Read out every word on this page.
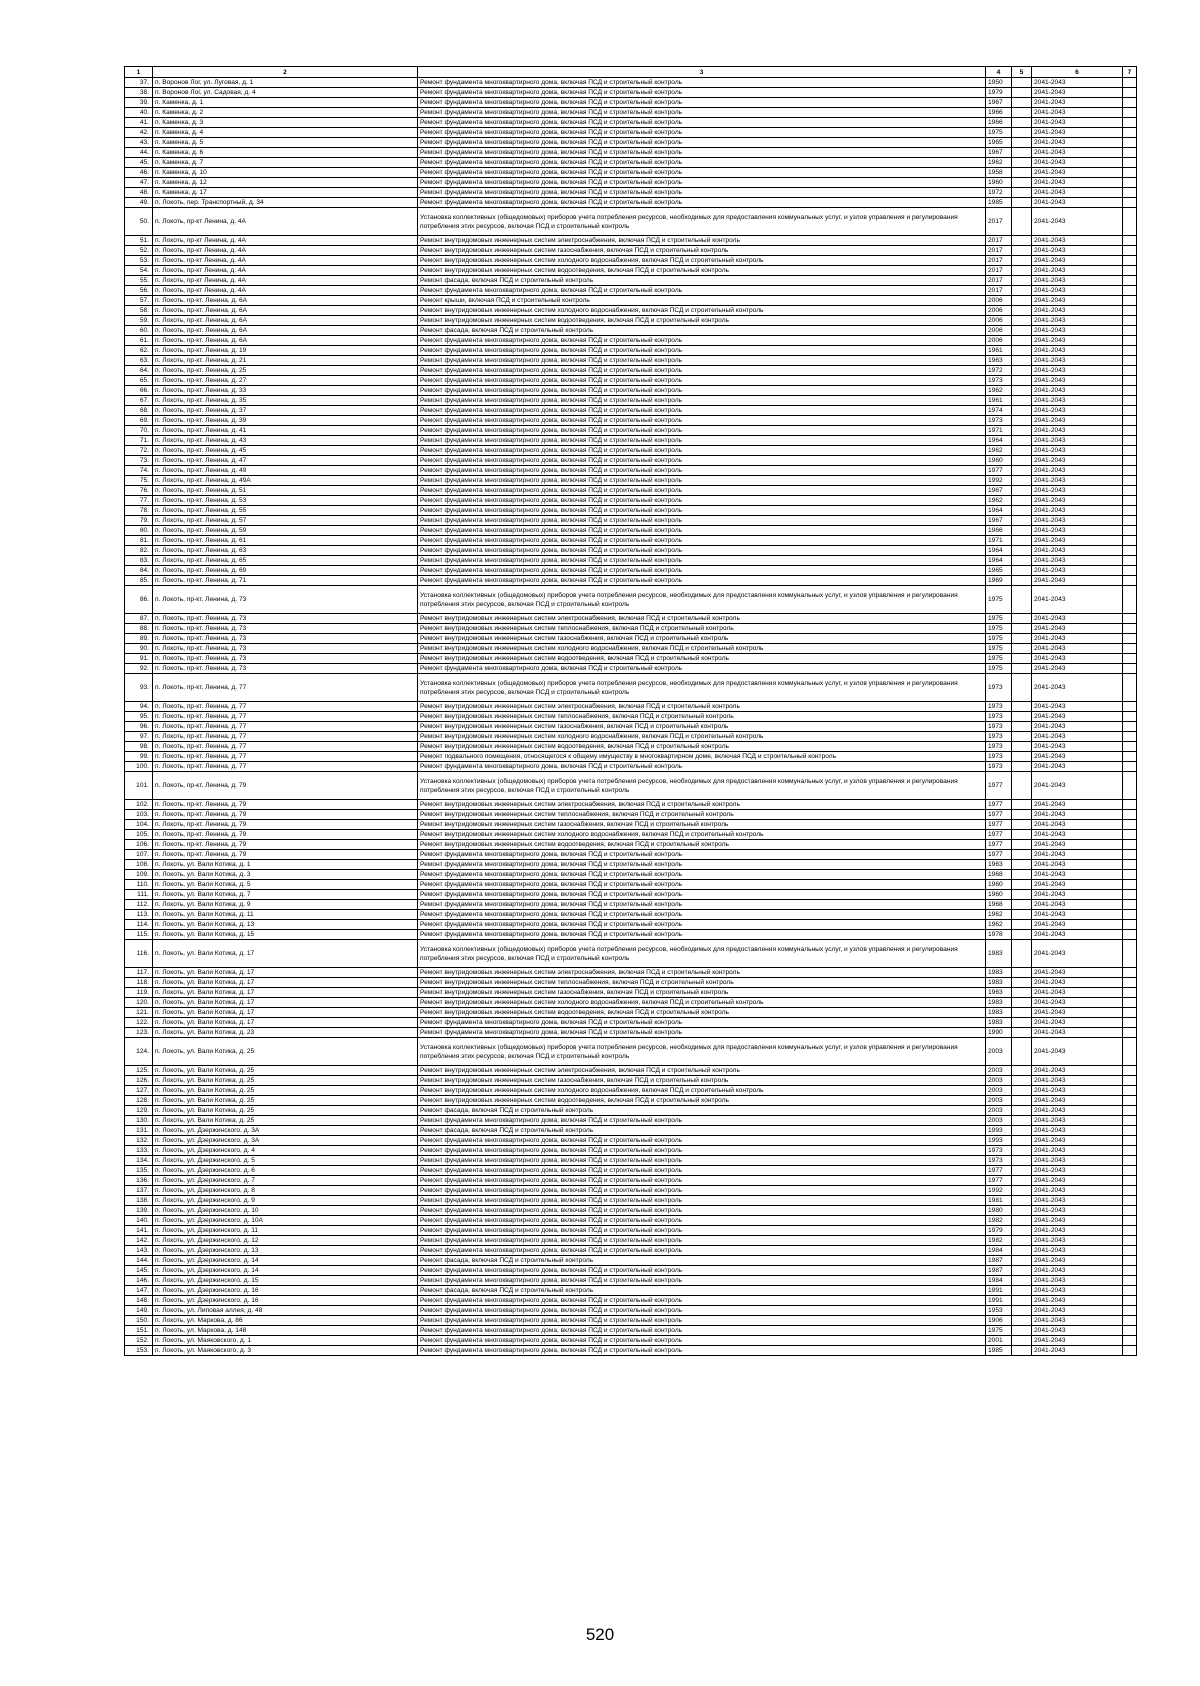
1	2	3	4	5	6	7
37.	п. Воронов Лог, ул. Луговая, д. 1	Ремонт фундамента многоквартирного дома, включая ПСД и строительный контроль	1950		2041-2043	
38.	п. Воронов Лог, ул. Садовая, д. 4	Ремонт фундамента многоквартирного дома, включая ПСД и строительный контроль	1979		2041-2043	
39.	п. Каменка, д. 1	Ремонт фундамента многоквартирного дома, включая ПСД и строительный контроль	1967		2041-2043	
40.	п. Каменка, д. 2	Ремонт фундамента многоквартирного дома, включая ПСД и строительный контроль	1966		2041-2043	
41.	п. Каменка, д. 3	Ремонт фундамента многоквартирного дома, включая ПСД и строительный контроль	1966		2041-2043	
42.	п. Каменка, д. 4	Ремонт фундамента многоквартирного дома, включая ПСД и строительный контроль	1975		2041-2043	
43.	п. Каменка, д. 5	Ремонт фундамента многоквартирного дома, включая ПСД и строительный контроль	1965		2041-2043	
44.	п. Каменка, д. 6	Ремонт фундамента многоквартирного дома, включая ПСД и строительный контроль	1967		2041-2043	
45.	п. Каменка, д. 7	Ремонт фундамента многоквартирного дома, включая ПСД и строительный контроль	1962		2041-2043	
46.	п. Каменка, д. 10	Ремонт фундамента многоквартирного дома, включая ПСД и строительный контроль	1958		2041-2043	
47.	п. Каменка, д. 12	Ремонт фундамента многоквартирного дома, включая ПСД и строительный контроль	1960		2041-2043	
48.	п. Каменка, д. 17	Ремонт фундамента многоквартирного дома, включая ПСД и строительный контроль	1972		2041-2043	
49.	п. Локоть, пер. Транспортный, д. 34	Ремонт фундамента многоквартирного дома, включая ПСД и строительный контроль	1985		2041-2043	
50.	п. Локоть, пр-кт Ленина, д. 4А	Установка коллективных (общедомовых) приборов учета потребления ресурсов, необходимых для предоставления коммунальных услуг, и узлов управления и регулирования потребления этих ресурсов, включая ПСД и строительный контроль	2017		2041-2043	
51.	п. Локоть, пр-кт Ленина, д. 4А	Ремонт внутридомовых инженерных систем электроснабжения, включая ПСД и строительный контроль	2017		2041-2043	
52.	п. Локоть, пр-кт Ленина, д. 4А	Ремонт внутридомовых инженерных систем газоснабжения, включая ПСД и строительный контроль	2017		2041-2043	
53.	п. Локоть, пр-кт Ленина, д. 4А	Ремонт внутридомовых инженерных систем холодного водоснабжения, включая ПСД и строительный контроль	2017		2041-2043	
54.	п. Локоть, пр-кт Ленина, д. 4А	Ремонт внутридомовых инженерных систем водоотведения, включая ПСД и строительный контроль	2017		2041-2043	
55.	п. Локоть, пр-кт Ленина, д. 4А	Ремонт фасада, включая ПСД и строительный контроль	2017		2041-2043	
56.	п. Локоть, пр-кт Ленина, д. 4А	Ремонт фундамента многоквартирного дома, включая ПСД и строительный контроль	2017		2041-2043	
57.	п. Локоть, пр-кт. Ленина, д. 6А	Ремонт крыши, включая ПСД и строительный контроль	2006		2041-2043	
58.	п. Локоть, пр-кт. Ленина, д. 6А	Ремонт внутридомовых инженерных систем холодного водоснабжения, включая ПСД и строительный контроль	2006		2041-2043	
59.	п. Локоть, пр-кт. Ленина, д. 6А	Ремонт внутридомовых инженерных систем водоотведения, включая ПСД и строительный контроль	2006		2041-2043	
60.	п. Локоть, пр-кт. Ленина, д. 6А	Ремонт фасада, включая ПСД и строительный контроль	2006		2041-2043	
61.	п. Локоть, пр-кт. Ленина, д. 6А	Ремонт фундамента многоквартирного дома, включая ПСД и строительный контроль	2006		2041-2043	
62.	п. Локоть, пр-кт. Ленина, д. 19	Ремонт фундамента многоквартирного дома, включая ПСД и строительный контроль	1961		2041-2043	
63.	п. Локоть, пр-кт. Ленина, д. 21	Ремонт фундамента многоквартирного дома, включая ПСД и строительный контроль	1963		2041-2043	
64.	п. Локоть, пр-кт. Ленина, д. 25	Ремонт фундамента многоквартирного дома, включая ПСД и строительный контроль	1972		2041-2043	
65.	п. Локоть, пр-кт. Ленина, д. 27	Ремонт фундамента многоквартирного дома, включая ПСД и строительный контроль	1973		2041-2043	
66.	п. Локоть, пр-кт. Ленина, д. 33	Ремонт фундамента многоквартирного дома, включая ПСД и строительный контроль	1962		2041-2043	
67.	п. Локоть, пр-кт. Ленина, д. 35	Ремонт фундамента многоквартирного дома, включая ПСД и строительный контроль	1961		2041-2043	
68.	п. Локоть, пр-кт. Ленина, д. 37	Ремонт фундамента многоквартирного дома, включая ПСД и строительный контроль	1974		2041-2043	
69.	п. Локоть, пр-кт. Ленина, д. 39	Ремонт фундамента многоквартирного дома, включая ПСД и строительный контроль	1973		2041-2043	
70.	п. Локоть, пр-кт. Ленина, д. 41	Ремонт фундамента многоквартирного дома, включая ПСД и строительный контроль	1971		2041-2043	
71.	п. Локоть, пр-кт. Ленина, д. 43	Ремонт фундамента многоквартирного дома, включая ПСД и строительный контроль	1964		2041-2043	
72.	п. Локоть, пр-кт. Ленина, д. 45	Ремонт фундамента многоквартирного дома, включая ПСД и строительный контроль	1962		2041-2043	
73.	п. Локоть, пр-кт. Ленина, д. 47	Ремонт фундамента многоквартирного дома, включая ПСД и строительный контроль	1960		2041-2043	
74.	п. Локоть, пр-кт. Ленина, д. 49	Ремонт фундамента многоквартирного дома, включая ПСД и строительный контроль	1977		2041-2043	
75.	п. Локоть, пр-кт. Ленина, д. 49А	Ремонт фундамента многоквартирного дома, включая ПСД и строительный контроль	1992		2041-2043	
76.	п. Локоть, пр-кт. Ленина, д. 51	Ремонт фундамента многоквартирного дома, включая ПСД и строительный контроль	1967		2041-2043	
77.	п. Локоть, пр-кт. Ленина, д. 53	Ремонт фундамента многоквартирного дома, включая ПСД и строительный контроль	1962		2041-2043	
78.	п. Локоть, пр-кт. Ленина, д. 55	Ремонт фундамента многоквартирного дома, включая ПСД и строительный контроль	1964		2041-2043	
79.	п. Локоть, пр-кт. Ленина, д. 57	Ремонт фундамента многоквартирного дома, включая ПСД и строительный контроль	1967		2041-2043	
80.	п. Локоть, пр-кт. Ленина, д. 59	Ремонт фундамента многоквартирного дома, включая ПСД и строительный контроль	1966		2041-2043	
81.	п. Локоть, пр-кт. Ленина, д. 61	Ремонт фундамента многоквартирного дома, включая ПСД и строительный контроль	1971		2041-2043	
82.	п. Локоть, пр-кт. Ленина, д. 63	Ремонт фундамента многоквартирного дома, включая ПСД и строительный контроль	1964		2041-2043	
83.	п. Локоть, пр-кт. Ленина, д. 65	Ремонт фундамента многоквартирного дома, включая ПСД и строительный контроль	1964		2041-2043	
84.	п. Локоть, пр-кт. Ленина, д. 69	Ремонт фундамента многоквартирного дома, включая ПСД и строительный контроль	1965		2041-2043	
85.	п. Локоть, пр-кт. Ленина, д. 71	Ремонт фундамента многоквартирного дома, включая ПСД и строительный контроль	1969		2041-2043	
86.	п. Локоть, пр-кт. Ленина, д. 73	Установка коллективных (общедомовых) приборов учета потребления ресурсов, необходимых для предоставления коммунальных услуг, и узлов управления и регулирования потребления этих ресурсов, включая ПСД и строительный контроль	1975		2041-2043	
87.	п. Локоть, пр-кт. Ленина, д. 73	Ремонт внутридомовых инженерных систем электроснабжения, включая ПСД и строительный контроль	1975		2041-2043	
88.	п. Локоть, пр-кт. Ленина, д. 73	Ремонт внутридомовых инженерных систем теплоснабжения, включая ПСД и строительный контроль	1975		2041-2043	
89.	п. Локоть, пр-кт. Ленина, д. 73	Ремонт внутридомовых инженерных систем газоснабжения, включая ПСД и строительный контроль	1975		2041-2043	
90.	п. Локоть, пр-кт. Ленина, д. 73	Ремонт внутридомовых инженерных систем холодного водоснабжения, включая ПСД и строительный контроль	1975		2041-2043	
91.	п. Локоть, пр-кт. Ленина, д. 73	Ремонт внутридомовых инженерных систем водоотведения, включая ПСД и строительный контроль	1975		2041-2043	
92.	п. Локоть, пр-кт. Ленина, д. 73	Ремонт фундамента многоквартирного дома, включая ПСД и строительный контроль	1975		2041-2043	
93.	п. Локоть, пр-кт. Ленина, д. 77	Установка коллективных (общедомовых) приборов учета потребления ресурсов, необходимых для предоставления коммунальных услуг, и узлов управления и регулирования потребления этих ресурсов, включая ПСД и строительный контроль	1973		2041-2043	
94.	п. Локоть, пр-кт. Ленина, д. 77	Ремонт внутридомовых инженерных систем электроснабжения, включая ПСД и строительный контроль	1973		2041-2043	
95.	п. Локоть, пр-кт. Ленина, д. 77	Ремонт внутридомовых инженерных систем теплоснабжения, включая ПСД и строительный контроль	1973		2041-2043	
96.	п. Локоть, пр-кт. Ленина, д. 77	Ремонт внутридомовых инженерных систем газоснабжения, включая ПСД и строительный контроль	1973		2041-2043	
97.	п. Локоть, пр-кт. Ленина, д. 77	Ремонт внутридомовых инженерных систем холодного водоснабжения, включая ПСД и строительный контроль	1973		2041-2043	
98.	п. Локоть, пр-кт. Ленина, д. 77	Ремонт внутридомовых инженерных систем водоотведения, включая ПСД и строительный контроль	1973		2041-2043	
99.	п. Локоть, пр-кт. Ленина, д. 77	Ремонт подвального помещения, относящегося к общему имуществу в многоквартирном доме, включая ПСД и строительный контроль	1973		2041-2043	
100.	п. Локоть, пр-кт. Ленина, д. 77	Ремонт фундамента многоквартирного дома, включая ПСД и строительный контроль	1973		2041-2043	
101.	п. Локоть, пр-кт. Ленина, д. 79	Установка коллективных (общедомовых) приборов учета потребления ресурсов, необходимых для предоставления коммунальных услуг, и узлов управления и регулирования потребления этих ресурсов, включая ПСД и строительный контроль	1977		2041-2043	
102.	п. Локоть, пр-кт. Ленина, д. 79	Ремонт внутридомовых инженерных систем электроснабжения, включая ПСД и строительный контроль	1977		2041-2043	
103.	п. Локоть, пр-кт. Ленина, д. 79	Ремонт внутридомовых инженерных систем теплоснабжения, включая ПСД и строительный контроль	1977		2041-2043	
104.	п. Локоть, пр-кт. Ленина, д. 79	Ремонт внутридомовых инженерных систем газоснабжения, включая ПСД и строительный контроль	1977		2041-2043	
105.	п. Локоть, пр-кт. Ленина, д. 79	Ремонт внутридомовых инженерных систем холодного водоснабжения, включая ПСД и строительный контроль	1977		2041-2043	
106.	п. Локоть, пр-кт. Ленина, д. 79	Ремонт внутридомовых инженерных систем водоотведения, включая ПСД и строительный контроль	1977		2041-2043	
107.	п. Локоть, пр-кт. Ленина, д. 79	Ремонт фундамента многоквартирного дома, включая ПСД и строительный контроль	1977		2041-2043	
108.	п. Локоть, ул. Вали Котика, д. 1	Ремонт фундамента многоквартирного дома, включая ПСД и строительный контроль	1963		2041-2043	
109.	п. Локоть, ул. Вали Котика, д. 3	Ремонт фундамента многоквартирного дома, включая ПСД и строительный контроль	1968		2041-2043	
110.	п. Локоть, ул. Вали Котика, д. 5	Ремонт фундамента многоквартирного дома, включая ПСД и строительный контроль	1960		2041-2043	
111.	п. Локоть, ул. Вали Котика, д. 7	Ремонт фундамента многоквартирного дома, включая ПСД и строительный контроль	1960		2041-2043	
112.	п. Локоть, ул. Вали Котика, д. 9	Ремонт фундамента многоквартирного дома, включая ПСД и строительный контроль	1968		2041-2043	
113.	п. Локоть, ул. Вали Котика, д. 11	Ремонт фундамента многоквартирного дома, включая ПСД и строительный контроль	1962		2041-2043	
114.	п. Локоть, ул. Вали Котика, д. 13	Ремонт фундамента многоквартирного дома, включая ПСД и строительный контроль	1962		2041-2043	
115.	п. Локоть, ул. Вали Котика, д. 15	Ремонт фундамента многоквартирного дома, включая ПСД и строительный контроль	1978		2041-2043	
116.	п. Локоть, ул. Вали Котика, д. 17	Установка коллективных (общедомовых) приборов учета потребления ресурсов, необходимых для предоставления коммунальных услуг, и узлов управления и регулирования потребления этих ресурсов, включая ПСД и строительный контроль	1983		2041-2043	
117.	п. Локоть, ул. Вали Котика, д. 17	Ремонт внутридомовых инженерных систем электроснабжения, включая ПСД и строительный контроль	1983		2041-2043	
118.	п. Локоть, ул. Вали Котика, д. 17	Ремонт внутридомовых инженерных систем теплоснабжения, включая ПСД и строительный контроль	1983		2041-2043	
119.	п. Локоть, ул. Вали Котика, д. 17	Ремонт внутридомовых инженерных систем газоснабжения, включая ПСД и строительный контроль	1963		2041-2043	
120.	п. Локоть, ул. Вали Котика, д. 17	Ремонт внутридомовых инженерных систем холодного водоснабжения, включая ПСД и строительный контроль	1983		2041-2043	
121.	п. Локоть, ул. Вали Котика, д. 17	Ремонт внутридомовых инженерных систем водоотведения, включая ПСД и строительный контроль	1983		2041-2043	
122.	п. Локоть, ул. Вали Котика, д. 17	Ремонт фундамента многоквартирного дома, включая ПСД и строительный контроль	1983		2041-2043	
123.	п. Локоть, ул. Вали Котика, д. 23	Ремонт фундамента многоквартирного дома, включая ПСД и строительный контроль	1990		2041-2043	
124.	п. Локоть, ул. Вали Котика, д. 25	Установка коллективных (общедомовых) приборов учета потребления ресурсов, необходимых для предоставления коммунальных услуг, и узлов управления и регулирования потребления этих ресурсов, включая ПСД и строительный контроль	2003		2041-2043	
125.	п. Локоть, ул. Вали Котика, д. 25	Ремонт внутридомовых инженерных систем электроснабжения, включая ПСД и строительный контроль	2003		2041-2043	
126.	п. Локоть, ул. Вали Котика, д. 25	Ремонт внутридомовых инженерных систем газоснабжения, включая ПСД и строительный контроль	2003		2041-2043	
127.	п. Локоть, ул. Вали Котика, д. 25	Ремонт внутридомовых инженерных систем холодного водоснабжения, включая ПСД и строительный контроль	2003		2041-2043	
128.	п. Локоть, ул. Вали Котика, д. 25	Ремонт внутридомовых инженерных систем водоотведения, включая ПСД и строительный контроль	2003		2041-2043	
129.	п. Локоть, ул. Вали Котика, д. 25	Ремонт фасада, включая ПСД и строительный контроль	2003		2041-2043	
130.	п. Локоть, ул. Вали Котика, д. 25	Ремонт фундамента многоквартирного дома, включая ПСД и строительный контроль	2003		2041-2043	
131.	п. Локоть, ул. Дзержинского, д. 3А	Ремонт фасада, включая ПСД и строительный контроль	1993		2041-2043	
132.	п. Локоть, ул. Дзержинского, д. 3А	Ремонт фундамента многоквартирного дома, включая ПСД и строительный контроль	1993		2041-2043	
133.	п. Локоть, ул. Дзержинского, д. 4	Ремонт фундамента многоквартирного дома, включая ПСД и строительный контроль	1973		2041-2043	
134.	п. Локоть, ул. Дзержинского, д. 5	Ремонт фундамента многоквартирного дома, включая ПСД и строительный контроль	1973		2041-2043	
135.	п. Локоть, ул. Дзержинского, д. 6	Ремонт фундамента многоквартирного дома, включая ПСД и строительный контроль	1977		2041-2043	
136.	п. Локоть, ул. Дзержинского, д. 7	Ремонт фундамента многоквартирного дома, включая ПСД и строительный контроль	1977		2041-2043	
137.	п. Локоть, ул. Дзержинского, д. 8	Ремонт фундамента многоквартирного дома, включая ПСД и строительный контроль	1992		2041-2043	
138.	п. Локоть, ул. Дзержинского, д. 9	Ремонт фундамента многоквартирного дома, включая ПСД и строительный контроль	1981		2041-2043	
139.	п. Локоть, ул. Дзержинского, д. 10	Ремонт фундамента многоквартирного дома, включая ПСД и строительный контроль	1980		2041-2043	
140.	п. Локоть, ул. Дзержинского, д. 10А	Ремонт фундамента многоквартирного дома, включая ПСД и строительный контроль	1982		2041-2043	
141.	п. Локоть, ул. Дзержинского, д. 11	Ремонт фундамента многоквартирного дома, включая ПСД и строительный контроль	1979		2041-2043	
142.	п. Локоть, ул. Дзержинского, д. 12	Ремонт фундамента многоквартирного дома, включая ПСД и строительный контроль	1982		2041-2043	
143.	п. Локоть, ул. Дзержинского, д. 13	Ремонт фундамента многоквартирного дома, включая ПСД и строительный контроль	1984		2041-2043	
144.	п. Локоть, ул. Дзержинского, д. 14	Ремонт фасада, включая ПСД и строительный контроль	1987		2041-2043	
145.	п. Локоть, ул. Дзержинского, д. 14	Ремонт фундамента многоквартирного дома, включая ПСД и строительный контроль	1987		2041-2043	
146.	п. Локоть, ул. Дзержинского, д. 15	Ремонт фундамента многоквартирного дома, включая ПСД и строительный контроль	1984		2041-2043	
147.	п. Локоть, ул. Дзержинского, д. 16	Ремонт фасада, включая ПСД и строительный контроль	1991		2041-2043	
148.	п. Локоть, ул. Дзержинского, д. 16	Ремонт фундамента многоквартирного дома, включая ПСД и строительный контроль	1991		2041-2043	
149.	п. Локоть, ул. Липовая аллея, д. 48	Ремонт фундамента многоквартирного дома, включая ПСД и строительный контроль	1953		2041-2043	
150.	п. Локоть, ул. Маркова, д. 86	Ремонт фундамента многоквартирного дома, включая ПСД и строительный контроль	1906		2041-2043	
151.	п. Локоть, ул. Маркова, д. 148	Ремонт фундамента многоквартирного дома, включая ПСД и строительный контроль	1975		2041-2043	
152.	п. Локоть, ул. Маяковского, д. 1	Ремонт фундамента многоквартирного дома, включая ПСД и строительный контроль	2001		2041-2043	
153.	п. Локоть, ул. Маяковского, д. 3	Ремонт фундамента многоквартирного дома, включая ПСД и строительный контроль	1985		2041-2043	
520
